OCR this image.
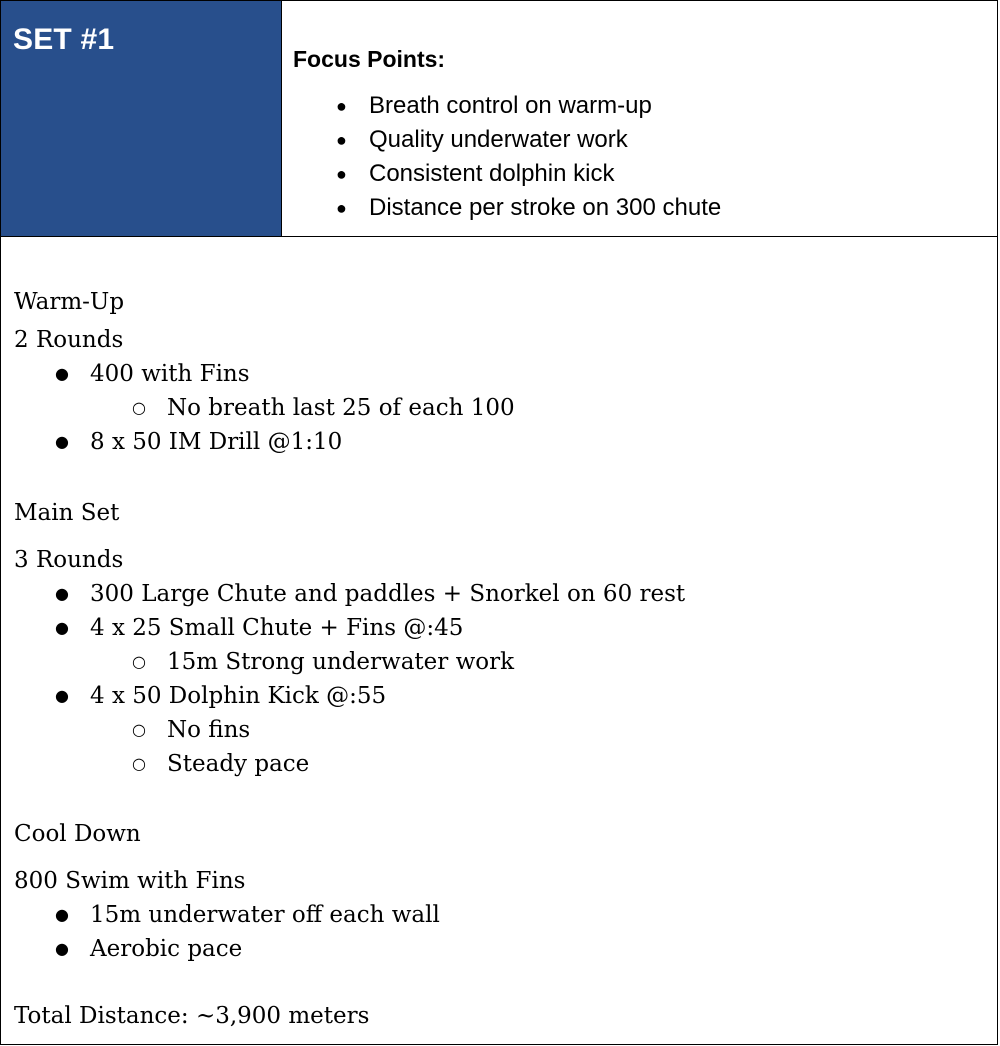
SET #1
Focus Points:
● Breath control on warm-up
● Quality underwater work
● Consistent dolphin kick
● Distance per stroke on 300 chute
Warm-Up
2 Rounds
● 400 with Fins
○ No breath last 25 of each 100
● 8 x 50 IM Drill @1:10
Main Set
3 Rounds
● 300 Large Chute and paddles + Snorkel on 60 rest
● 4 x 25 Small Chute + Fins @:45
○ 15m Strong underwater work
● 4 x 50 Dolphin Kick @:55
○ No fins
○ Steady pace
Cool Down
800 Swim with Fins
● 15m underwater off each wall
● Aerobic pace
Total Distance: ~3,900 meters
